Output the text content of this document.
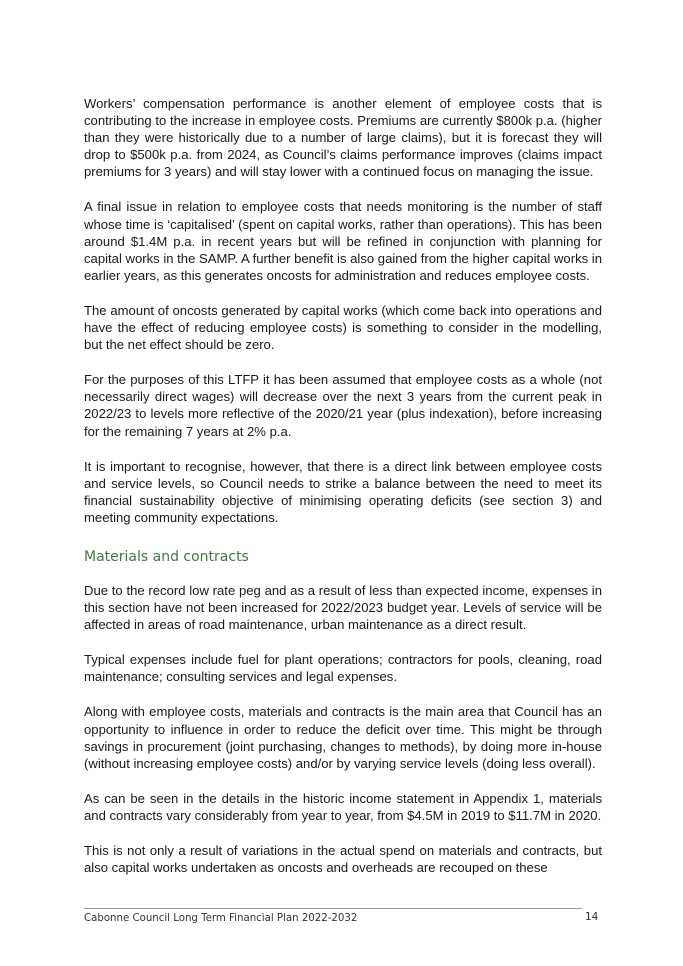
Workers’ compensation performance is another element of employee costs that is contributing to the increase in employee costs. Premiums are currently $800k p.a. (higher than they were historically due to a number of large claims), but it is forecast they will drop to $500k p.a. from 2024, as Council’s claims performance improves (claims impact premiums for 3 years) and will stay lower with a continued focus on managing the issue.

A final issue in relation to employee costs that needs monitoring is the number of staff whose time is ‘capitalised’ (spent on capital works, rather than operations). This has been around $1.4M p.a. in recent years but will be refined in conjunction with planning for capital works in the SAMP. A further benefit is also gained from the higher capital works in earlier years, as this generates oncosts for administration and reduces employee costs.

The amount of oncosts generated by capital works (which come back into operations and have the effect of reducing employee costs) is something to consider in the modelling, but the net effect should be zero.

For the purposes of this LTFP it has been assumed that employee costs as a whole (not necessarily direct wages) will decrease over the next 3 years from the current peak in 2022/23 to levels more reflective of the 2020/21 year (plus indexation), before increasing for the remaining 7 years at 2% p.a.

It is important to recognise, however, that there is a direct link between employee costs and service levels, so Council needs to strike a balance between the need to meet its financial sustainability objective of minimising operating deficits (see section 3) and meeting community expectations.

Materials and contracts

Due to the record low rate peg and as a result of less than expected income, expenses in this section have not been increased for 2022/2023 budget year. Levels of service will be affected in areas of road maintenance, urban maintenance as a direct result.

Typical expenses include fuel for plant operations; contractors for pools, cleaning, road maintenance; consulting services and legal expenses.

Along with employee costs, materials and contracts is the main area that Council has an opportunity to influence in order to reduce the deficit over time. This might be through savings in procurement (joint purchasing, changes to methods), by doing more in-house (without increasing employee costs) and/or by varying service levels (doing less overall).

As can be seen in the details in the historic income statement in Appendix 1, materials and contracts vary considerably from year to year, from $4.5M in 2019 to $11.7M in 2020.

This is not only a result of variations in the actual spend on materials and contracts, but also capital works undertaken as oncosts and overheads are recouped on these

Cabonne Council Long Term Financial Plan 2022-2032	14
